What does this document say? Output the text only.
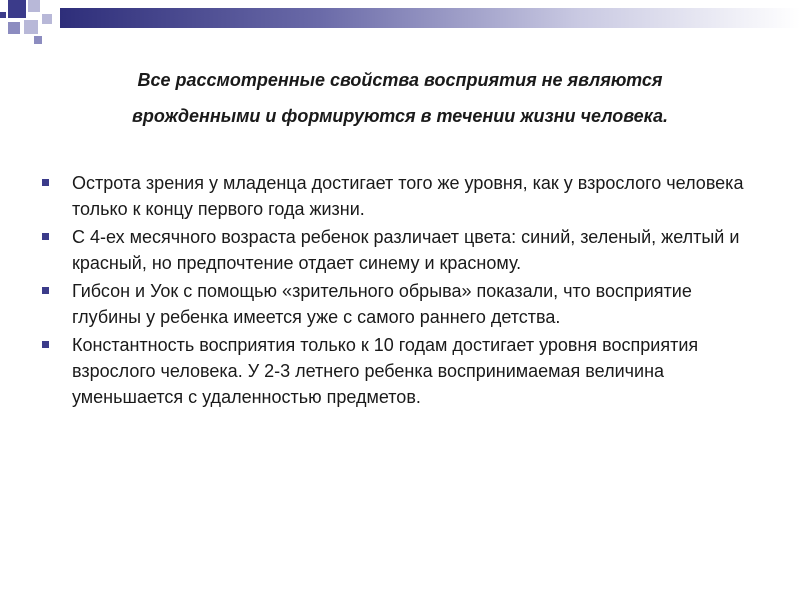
Все рассмотренные свойства восприятия не являются
врожденными и формируются в течении жизни человека.
Острота зрения у младенца достигает того же уровня, как у взрослого человека только к концу первого года жизни.
С 4-ех месячного возраста ребенок различает цвета: синий, зеленый, желтый и красный, но предпочтение отдает синему и красному.
Гибсон и Уок с помощью «зрительного обрыва» показали, что восприятие глубины у ребенка имеется уже с самого раннего детства.
Константность восприятия только к 10 годам достигает уровня восприятия взрослого человека. У 2-3 летнего ребенка воспринимаемая величина уменьшается с удаленностью предметов.
